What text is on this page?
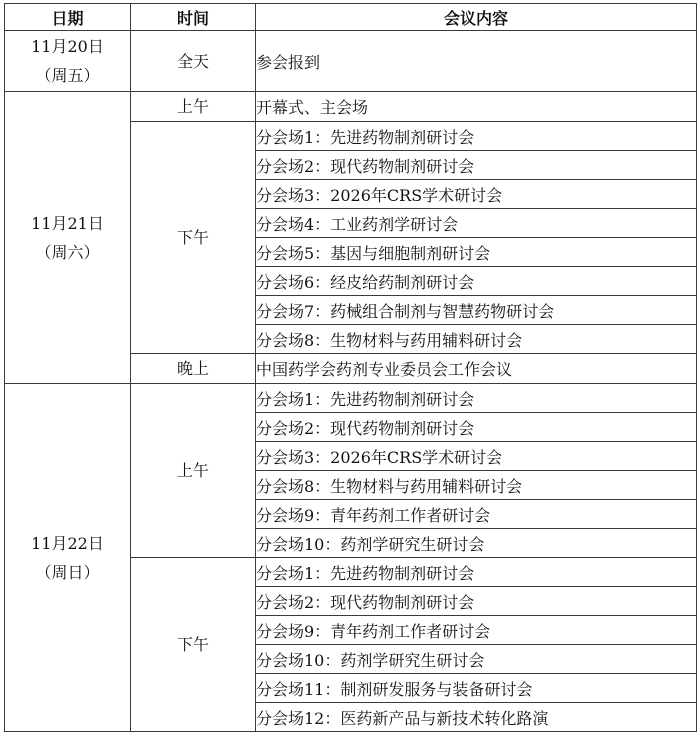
日期	时间	会议内容

11月20日
（周五）	全天	参会报到

11月21日
（周六）	上午	开幕式、主会场
	下午	分会场1：先进药物制剂研讨会
		分会场2：现代药物制剂研讨会
		分会场3：2026年CRS学术研讨会
		分会场4：工业药剂学研讨会
		分会场5：基因与细胞制剂研讨会
		分会场6：经皮给药制剂研讨会
		分会场7：药械组合制剂与智慧药物研讨会
		分会场8：生物材料与药用辅料研讨会
	晚上	中国药学会药剂专业委员会工作会议

11月22日
（周日）	上午	分会场1：先进药物制剂研讨会
		分会场2：现代药物制剂研讨会
		分会场3：2026年CRS学术研讨会
		分会场8：生物材料与药用辅料研讨会
		分会场9：青年药剂工作者研讨会
		分会场10：药剂学研究生研讨会
	下午	分会场1：先进药物制剂研讨会
		分会场2：现代药物制剂研讨会
		分会场9：青年药剂工作者研讨会
		分会场10：药剂学研究生研讨会
		分会场11：制剂研发服务与装备研讨会
		分会场12：医药新产品与新技术转化路演
